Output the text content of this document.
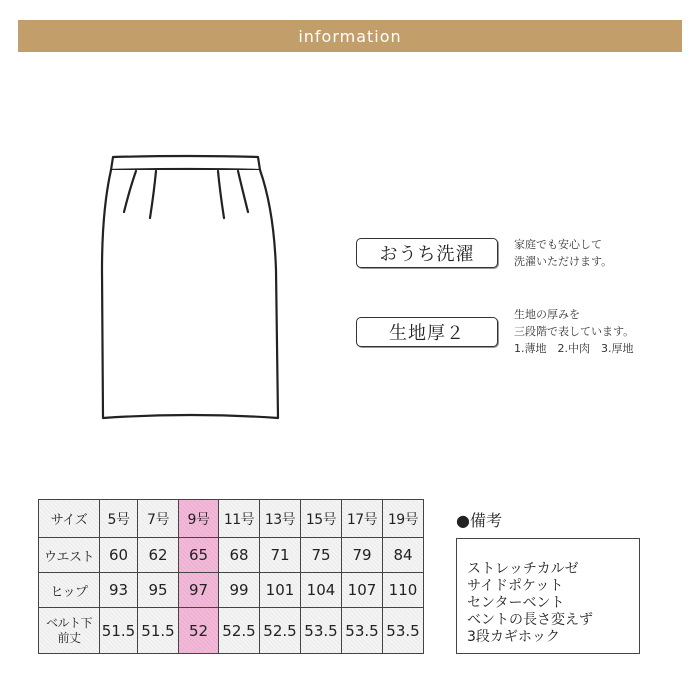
information
おうち洗濯	家庭でも安心して
洗濯いただけます。
生地厚２
生地の厚みを
三段階で表しています。
1.薄地　2.中肉　3.厚地
サイズ	5号	7号	9号	11号	13号	15号	17号	19号
ウエスト	60	62	65	68	71	75	79	84
ヒップ	93	95	97	99	101	104	107	110
ベルト下
前丈	51.5	51.5	52	52.5	52.5	53.5	53.5	53.5
●備考
ストレッチカルゼ
サイドポケット
センターベント
ベントの長さ変えず
3段カギホック
